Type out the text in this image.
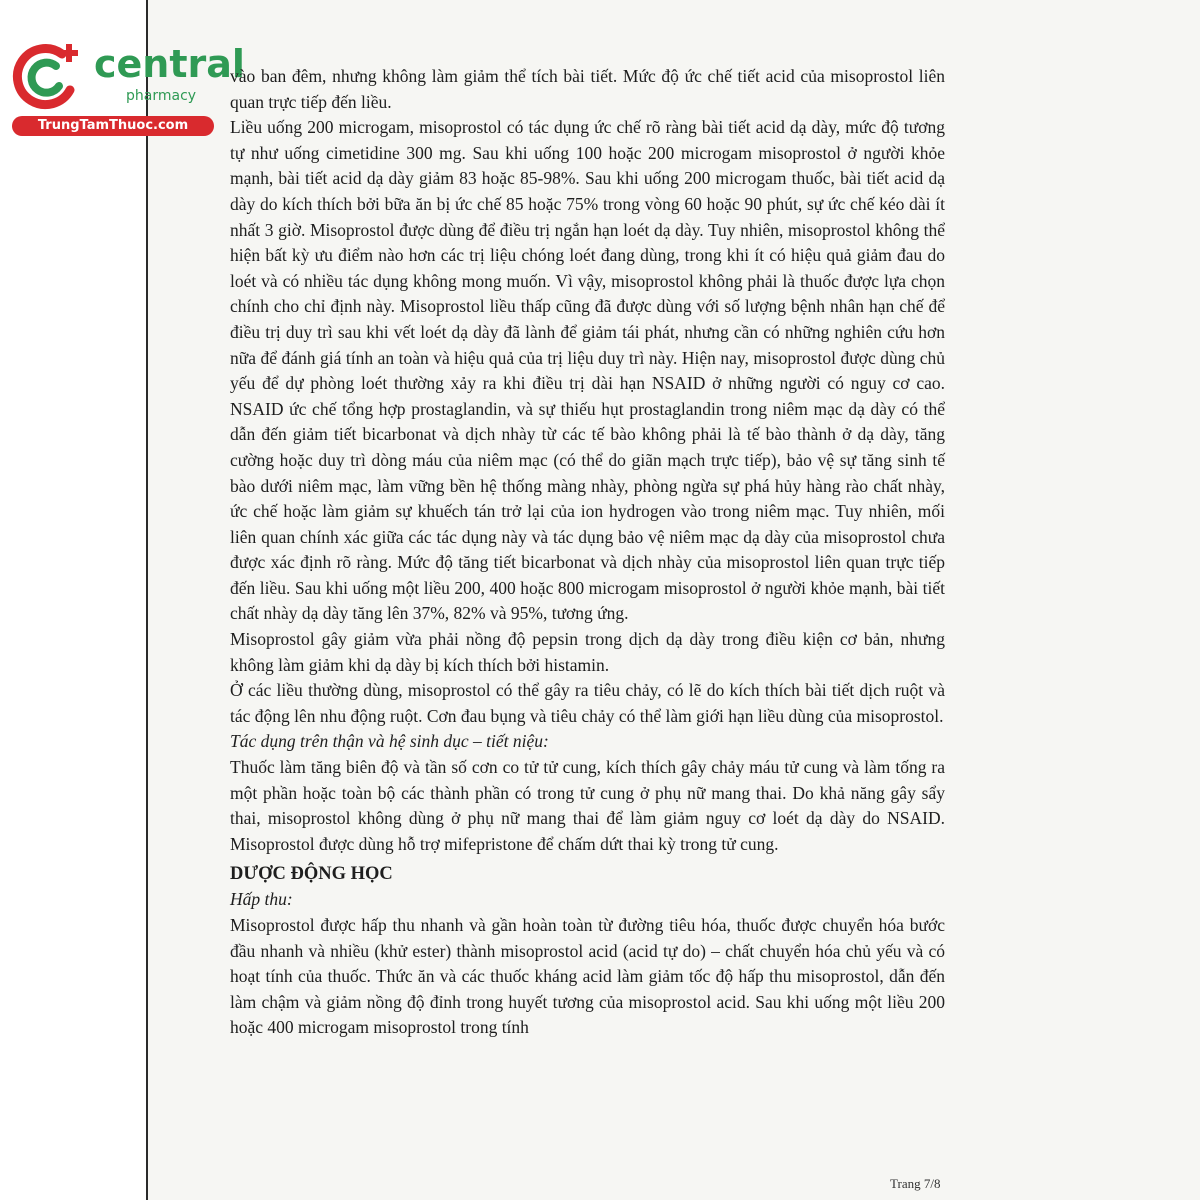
central
pharmacy
TrungTamThuoc.com

vào ban đêm, nhưng không làm giảm thể tích bài tiết. Mức độ ức chế tiết acid của misoprostol liên quan trực tiếp đến liều.

Liều uống 200 microgam, misoprostol có tác dụng ức chế rõ ràng bài tiết acid dạ dày, mức độ tương tự như uống cimetidine 300 mg. Sau khi uống 100 hoặc 200 microgam misoprostol ở người khỏe mạnh, bài tiết acid dạ dày giảm 83 hoặc 85-98%. Sau khi uống 200 microgam thuốc, bài tiết acid dạ dày do kích thích bởi bữa ăn bị ức chế 85 hoặc 75% trong vòng 60 hoặc 90 phút, sự ức chế kéo dài ít nhất 3 giờ. Misoprostol được dùng để điều trị ngắn hạn loét dạ dày. Tuy nhiên, misoprostol không thể hiện bất kỳ ưu điểm nào hơn các trị liệu chóng loét đang dùng, trong khi ít có hiệu quả giảm đau do loét và có nhiều tác dụng không mong muốn. Vì vậy, misoprostol không phải là thuốc được lựa chọn chính cho chỉ định này. Misoprostol liều thấp cũng đã được dùng với số lượng bệnh nhân hạn chế để điều trị duy trì sau khi vết loét dạ dày đã lành để giảm tái phát, nhưng cần có những nghiên cứu hơn nữa để đánh giá tính an toàn và hiệu quả của trị liệu duy trì này. Hiện nay, misoprostol được dùng chủ yếu để dự phòng loét thường xảy ra khi điều trị dài hạn NSAID ở những người có nguy cơ cao. NSAID ức chế tổng hợp prostaglandin, và sự thiếu hụt prostaglandin trong niêm mạc dạ dày có thể dẫn đến giảm tiết bicarbonat và dịch nhày từ các tế bào không phải là tế bào thành ở dạ dày, tăng cường hoặc duy trì dòng máu của niêm mạc (có thể do giãn mạch trực tiếp), bảo vệ sự tăng sinh tế bào dưới niêm mạc, làm vững bền hệ thống màng nhày, phòng ngừa sự phá hủy hàng rào chất nhày, ức chế hoặc làm giảm sự khuếch tán trở lại của ion hydrogen vào trong niêm mạc. Tuy nhiên, mối liên quan chính xác giữa các tác dụng này và tác dụng bảo vệ niêm mạc dạ dày của misoprostol chưa được xác định rõ ràng. Mức độ tăng tiết bicarbonat và dịch nhày của misoprostol liên quan trực tiếp đến liều. Sau khi uống một liều 200, 400 hoặc 800 microgam misoprostol ở người khỏe mạnh, bài tiết chất nhày dạ dày tăng lên 37%, 82% và 95%, tương ứng.

Misoprostol gây giảm vừa phải nồng độ pepsin trong dịch dạ dày trong điều kiện cơ bản, nhưng không làm giảm khi dạ dày bị kích thích bởi histamin.

Ở các liều thường dùng, misoprostol có thể gây ra tiêu chảy, có lẽ do kích thích bài tiết dịch ruột và tác động lên nhu động ruột. Cơn đau bụng và tiêu chảy có thể làm giới hạn liều dùng của misoprostol.

Tác dụng trên thận và hệ sinh dục – tiết niệu:

Thuốc làm tăng biên độ và tần số cơn co tử tử cung, kích thích gây chảy máu tử cung và làm tống ra một phần hoặc toàn bộ các thành phần có trong tử cung ở phụ nữ mang thai. Do khả năng gây sẩy thai, misoprostol không dùng ở phụ nữ mang thai để làm giảm nguy cơ loét dạ dày do NSAID. Misoprostol được dùng hỗ trợ mifepristone để chấm dứt thai kỳ trong tử cung.

DƯỢC ĐỘNG HỌC

Hấp thu:

Misoprostol được hấp thu nhanh và gần hoàn toàn từ đường tiêu hóa, thuốc được chuyển hóa bước đầu nhanh và nhiều (khử ester) thành misoprostol acid (acid tự do) – chất chuyển hóa chủ yếu và có hoạt tính của thuốc. Thức ăn và các thuốc kháng acid làm giảm tốc độ hấp thu misoprostol, dẫn đến làm chậm và giảm nồng độ đỉnh trong huyết tương của misoprostol acid. Sau khi uống một liều 200 hoặc 400 microgam misoprostol trong tính

Trang 7/8
